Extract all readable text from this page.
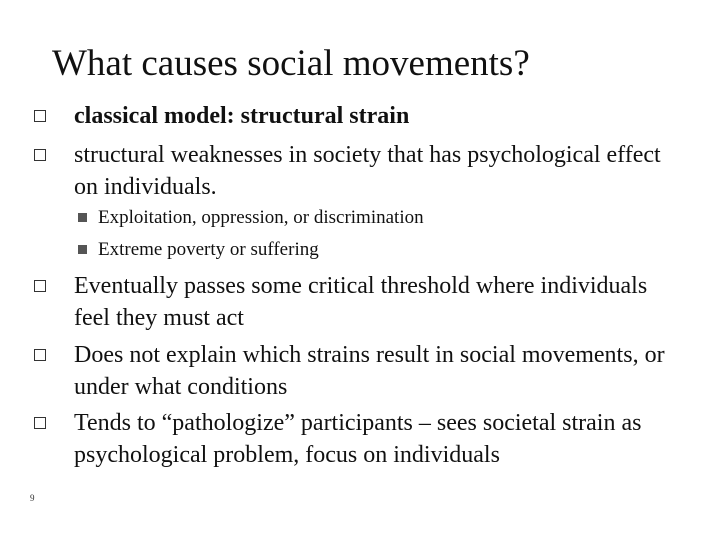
What causes social movements?
classical model: structural strain
structural weaknesses in society that has psychological effect on individuals.
Exploitation, oppression, or discrimination
Extreme poverty or suffering
Eventually passes some critical threshold where individuals feel they must act
Does not explain which strains result in social movements, or under what conditions
Tends to “pathologize” participants – sees societal strain as psychological problem, focus on individuals
9
